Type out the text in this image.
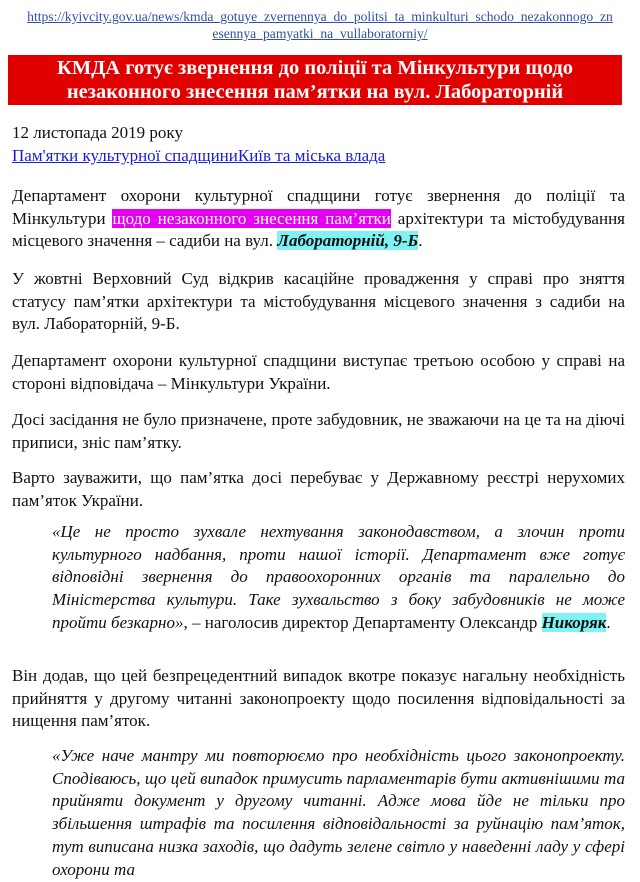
https://kyivcity.gov.ua/news/kmda_gotuye_zvernennya_do_politsi_ta_minkulturi_schodo_nezakonnogo_zn
esennya_pamyatki_na_vullaboratorniy/
КМДА готує звернення до поліції та Мінкультури щодо
незаконного знесення пам’ятки на вул. Лабораторній
12 листопада 2019 року
Пам'ятки культурної спадщиниКиїв та міська влада
Департамент охорони культурної спадщини готує звернення до поліції та Мінкультури щодо незаконного знесення пам’ятки архітектури та містобудування місцевого значення – садиби на вул. Лабораторній, 9-Б.
У жовтні Верховний Суд відкрив касаційне провадження у справі про зняття статусу пам’ятки архітектури та містобудування місцевого значення з садиби на вул. Лабораторній, 9-Б.
Департамент охорони культурної спадщини виступає третьою особою у справі на стороні відповідача – Мінкультури України.
Досі засідання не було призначене, проте забудовник, не зважаючи на це та на діючі приписи, зніс пам’ятку.
Варто зауважити, що пам’ятка досі перебуває у Державному реєстрі нерухомих пам’яток України.
«Це не просто зухвале нехтування законодавством, а злочин проти культурного надбання, проти нашої історії. Департамент вже готує відповідні звернення до правоохоронних органів та паралельно до Міністерства культури. Таке зухвальство з боку забудовників не може пройти безкарно», – наголосив директор Департаменту Олександр Никоряк.
Він додав, що цей безпрецедентний випадок вкотре показує нагальну необхідність прийняття у другому читанні законопроекту щодо посилення відповідальності за нищення пам’яток.
«Уже наче мантру ми повторюємо про необхідність цього законопроекту. Сподіваюсь, що цей випадок примусить парламентарів бути активнішими та прийняти документ у другому читанні. Адже мова йде не тільки про збільшення штрафів та посилення відповідальності за руйнацію пам’яток, тут виписана низка заходів, що дадуть зелене світло у наведенні ладу у сфері охорони та
